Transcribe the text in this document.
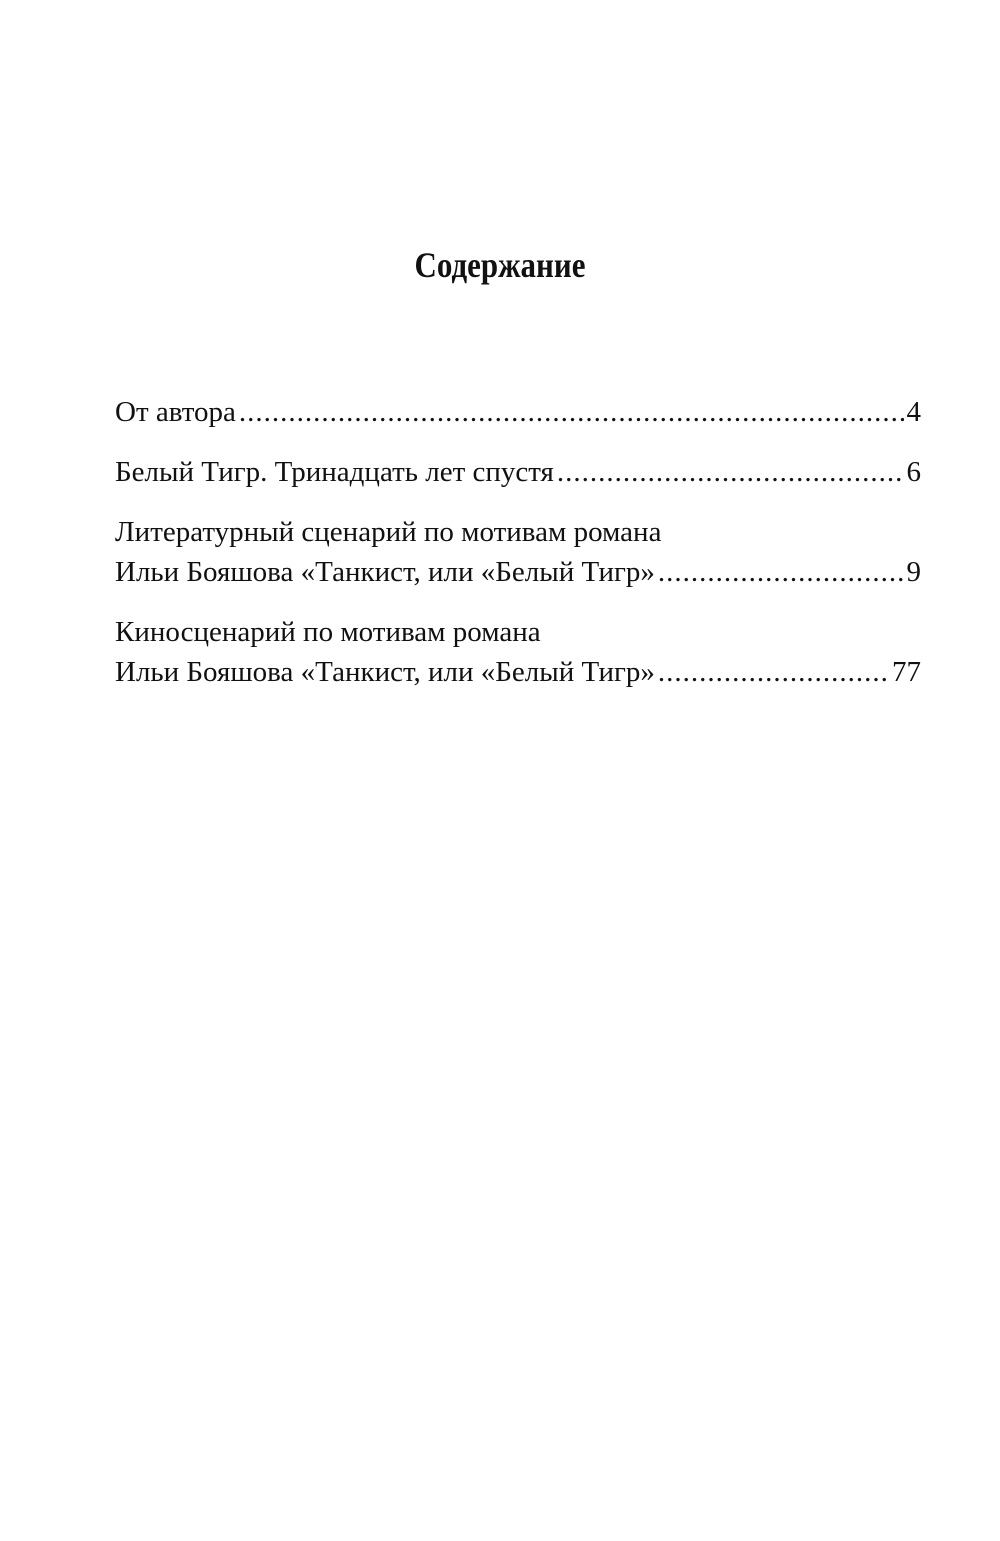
Содержание
От автора .....	4
Белый Тигр. Тринадцать лет спустя .....	6
Литературный сценарий по мотивам романа
Ильи Бояшова «Танкист, или «Белый Тигр» .....	9
Киносценарий по мотивам романа
Ильи Бояшова «Танкист, или «Белый Тигр» .....	77
